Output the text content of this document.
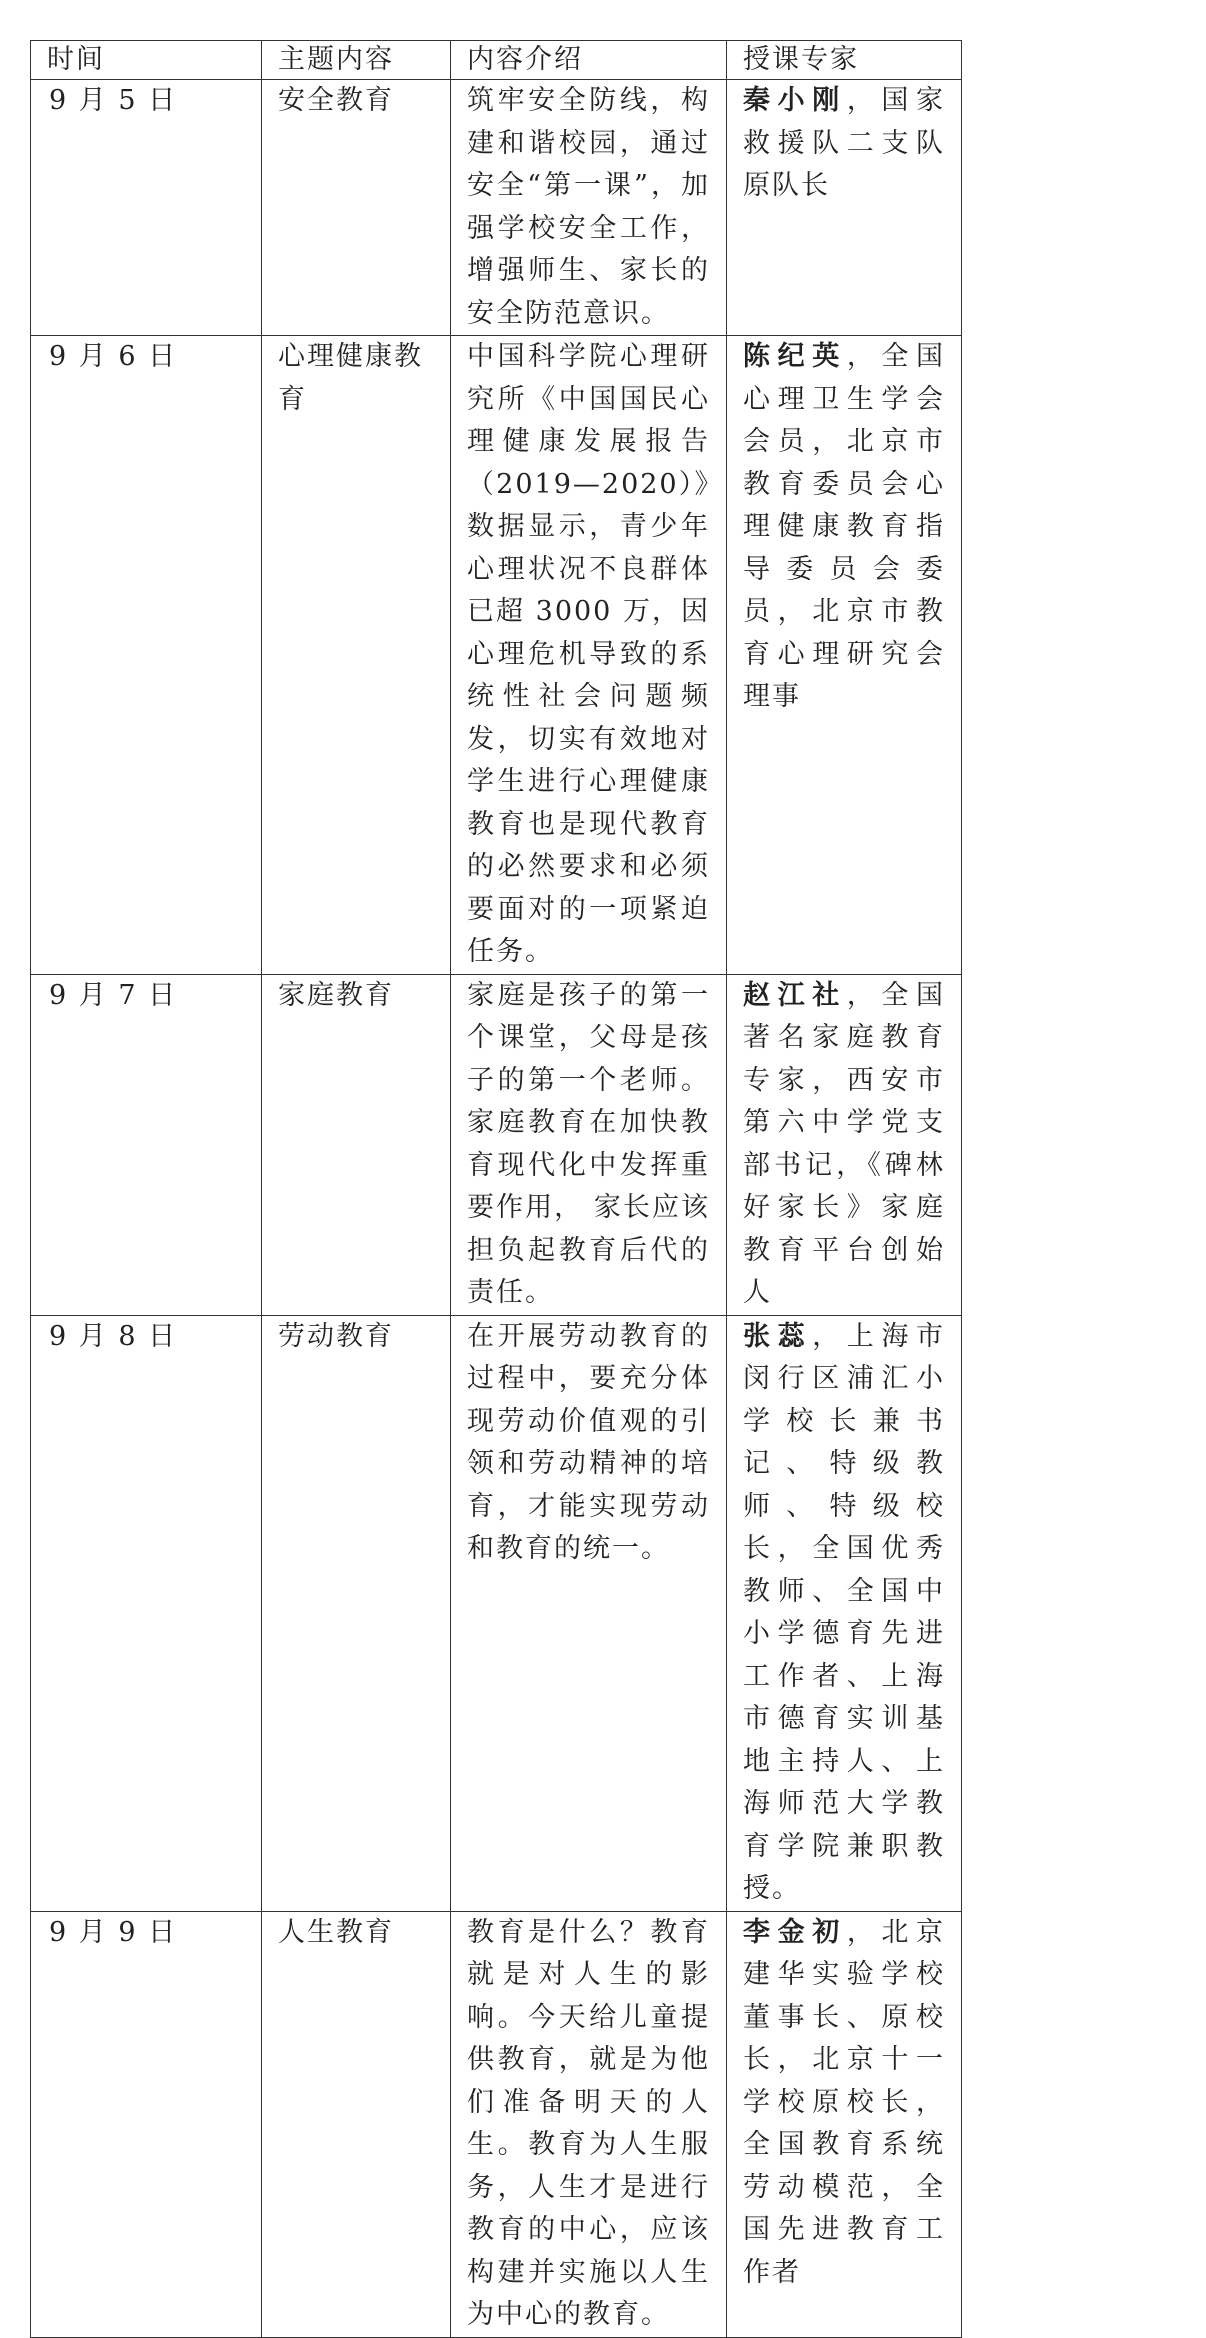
时间	主题内容	内容介绍	授课专家
9 月 5 日	安全教育	筑牢安全防线，构建和谐校园，通过安全“第一课”，加强学校安全工作，增强师生、家长的安全防范意识。	秦小刚，国家救援队二支队原队长
9 月 6 日	心理健康教育	中国科学院心理研究所《中国国民心理健康发展报告（2019—2020）》数据显示，青少年心理状况不良群体已超 3000 万，因心理危机导致的系统性社会问题频发，切实有效地对学生进行心理健康教育也是现代教育的必然要求和必须要面对的一项紧迫任务。	陈纪英，全国心理卫生学会会员，北京市教育委员会心理健康教育指导委员会委员，北京市教育心理研究会理事
9 月 7 日	家庭教育	家庭是孩子的第一个课堂，父母是孩子的第一个老师。家庭教育在加快教育现代化中发挥重要作用， 家长应该担负起教育后代的责任。	赵江社，全国著名家庭教育专家，西安市第六中学党支部书记，《碑林好家长》家庭教育平台创始人
9 月 8 日	劳动教育	在开展劳动教育的过程中，要充分体现劳动价值观的引领和劳动精神的培育，才能实现劳动和教育的统一。	张蕊，上海市闵行区浦汇小学校长兼书记、特级教师、特级校长，全国优秀教师、全国中小学德育先进工作者、上海市德育实训基地主持人、上海师范大学教育学院兼职教授。
9 月 9 日	人生教育	教育是什么？教育就是对人生的影响。今天给儿童提供教育，就是为他们准备明天的人生。教育为人生服务，人生才是进行教育的中心，应该构建并实施以人生为中心的教育。	李金初，北京建华实验学校董事长、原校长，北京十一学校原校长，全国教育系统劳动模范，全国先进教育工作者
